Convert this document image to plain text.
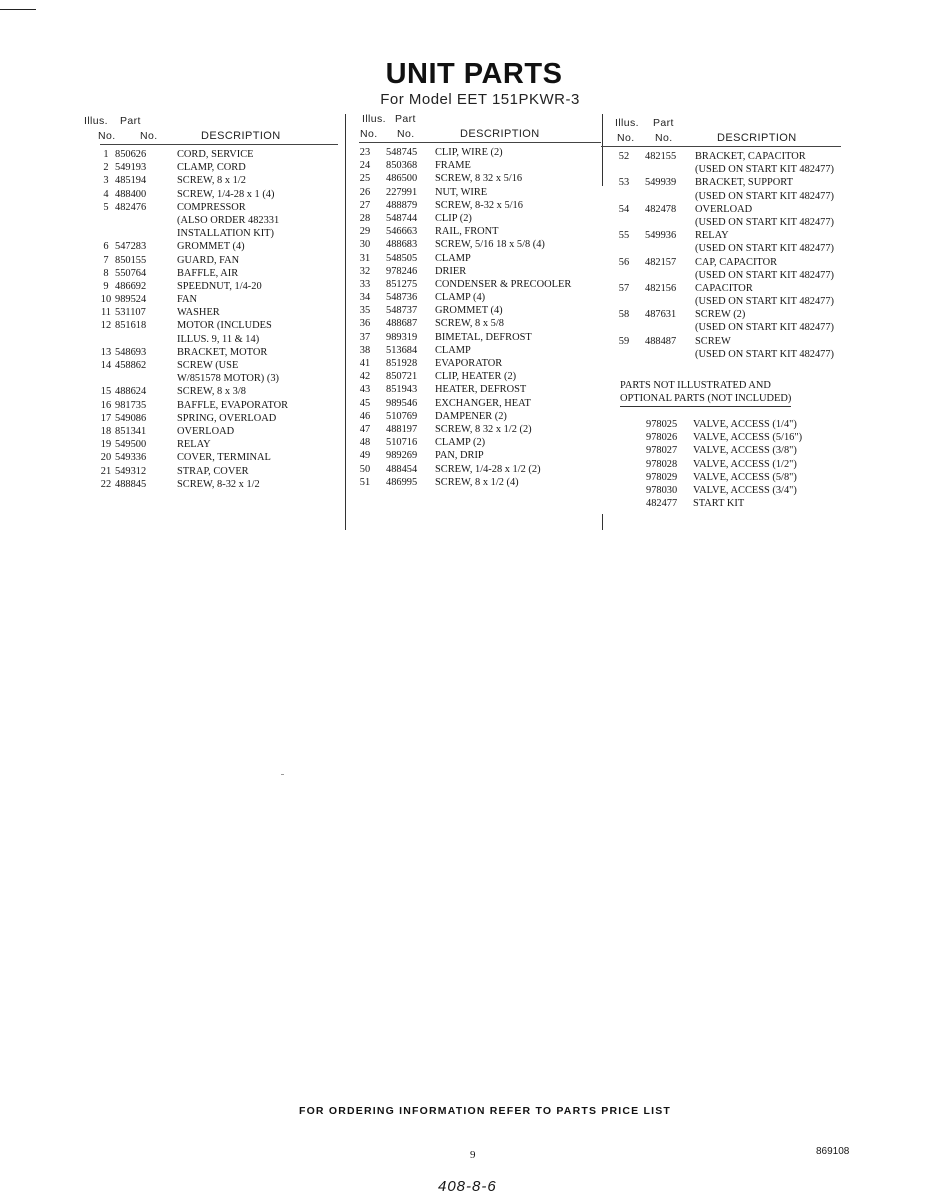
UNIT PARTS
For Model EET 151PKWR-3
Illus. Part
No. No.	DESCRIPTION
1 850626	CORD, SERVICE
2 549193	CLAMP, CORD
3 485194	SCREW, 8 x 1/2
4 488400	SCREW, 1/4-28 x 1 (4)
5 482476	COMPRESSOR
(ALSO ORDER 482331
INSTALLATION KIT)
6 547283	GROMMET (4)
7 850155	GUARD, FAN
8 550764	BAFFLE, AIR
9 486692	SPEEDNUT, 1/4-20
10 989524	FAN
11 531107	WASHER
12 851618	MOTOR (INCLUDES
ILLUS. 9, 11 & 14)
13 548693	BRACKET, MOTOR
14 458862	SCREW (USE
W/851578 MOTOR) (3)
15 488624	SCREW, 8 x 3/8
16 981735	BAFFLE, EVAPORATOR
17 549086	SPRING, OVERLOAD
18 851341	OVERLOAD
19 549500	RELAY
20 549336	COVER, TERMINAL
21 549312	STRAP, COVER
22 488845	SCREW, 8-32 x 1/2
Illus. Part
No. No.	DESCRIPTION
23 548745 CLIP, WIRE (2)
24 850368 FRAME
25 486500 SCREW, 8 32 x 5/16
26 227991 NUT, WIRE
27 488879 SCREW, 8-32 x 5/16
28 548744 CLIP (2)
29 546663 RAIL, FRONT
30 488683 SCREW, 5/16 18 x 5/8 (4)
31 548505 CLAMP
32 978246 DRIER
33 851275 CONDENSER & PRECOOLER
34 548736 CLAMP (4)
35 548737 GROMMET (4)
36 488687 SCREW, 8 x 5/8
37 989319 BIMETAL, DEFROST
38 513684 CLAMP
41 851928 EVAPORATOR
42 850721 CLIP, HEATER (2)
43 851943 HEATER, DEFROST
45 989546 EXCHANGER, HEAT
46 510769 DAMPENER (2)
47 488197 SCREW, 8 32 x 1/2 (2)
48 510716 CLAMP (2)
49 989269 PAN, DRIP
50 488454 SCREW, 1/4-28 x 1/2 (2)
51 486995 SCREW, 8 x 1/2 (4)
Illus. Part
No. No.	DESCRIPTION
52 482155 BRACKET, CAPACITOR
(USED ON START KIT 482477)
53 549939 BRACKET, SUPPORT
(USED ON START KIT 482477)
54 482478 OVERLOAD
(USED ON START KIT 482477)
55 549936 RELAY
(USED ON START KIT 482477)
56 482157 CAP, CAPACITOR
(USED ON START KIT 482477)
57 482156 CAPACITOR
(USED ON START KIT 482477)
58 487631 SCREW (2)
(USED ON START KIT 482477)
59 488487 SCREW
(USED ON START KIT 482477)
PARTS NOT ILLUSTRATED AND
OPTIONAL PARTS (NOT INCLUDED)
978025 VALVE, ACCESS (1/4")
978026 VALVE, ACCESS (5/16")
978027 VALVE, ACCESS (3/8")
978028 VALVE, ACCESS (1/2")
978029 VALVE, ACCESS (5/8")
978030 VALVE, ACCESS (3/4")
482477 START KIT
FOR ORDERING INFORMATION REFER TO PARTS PRICE LIST
9	869108
408-8-6
